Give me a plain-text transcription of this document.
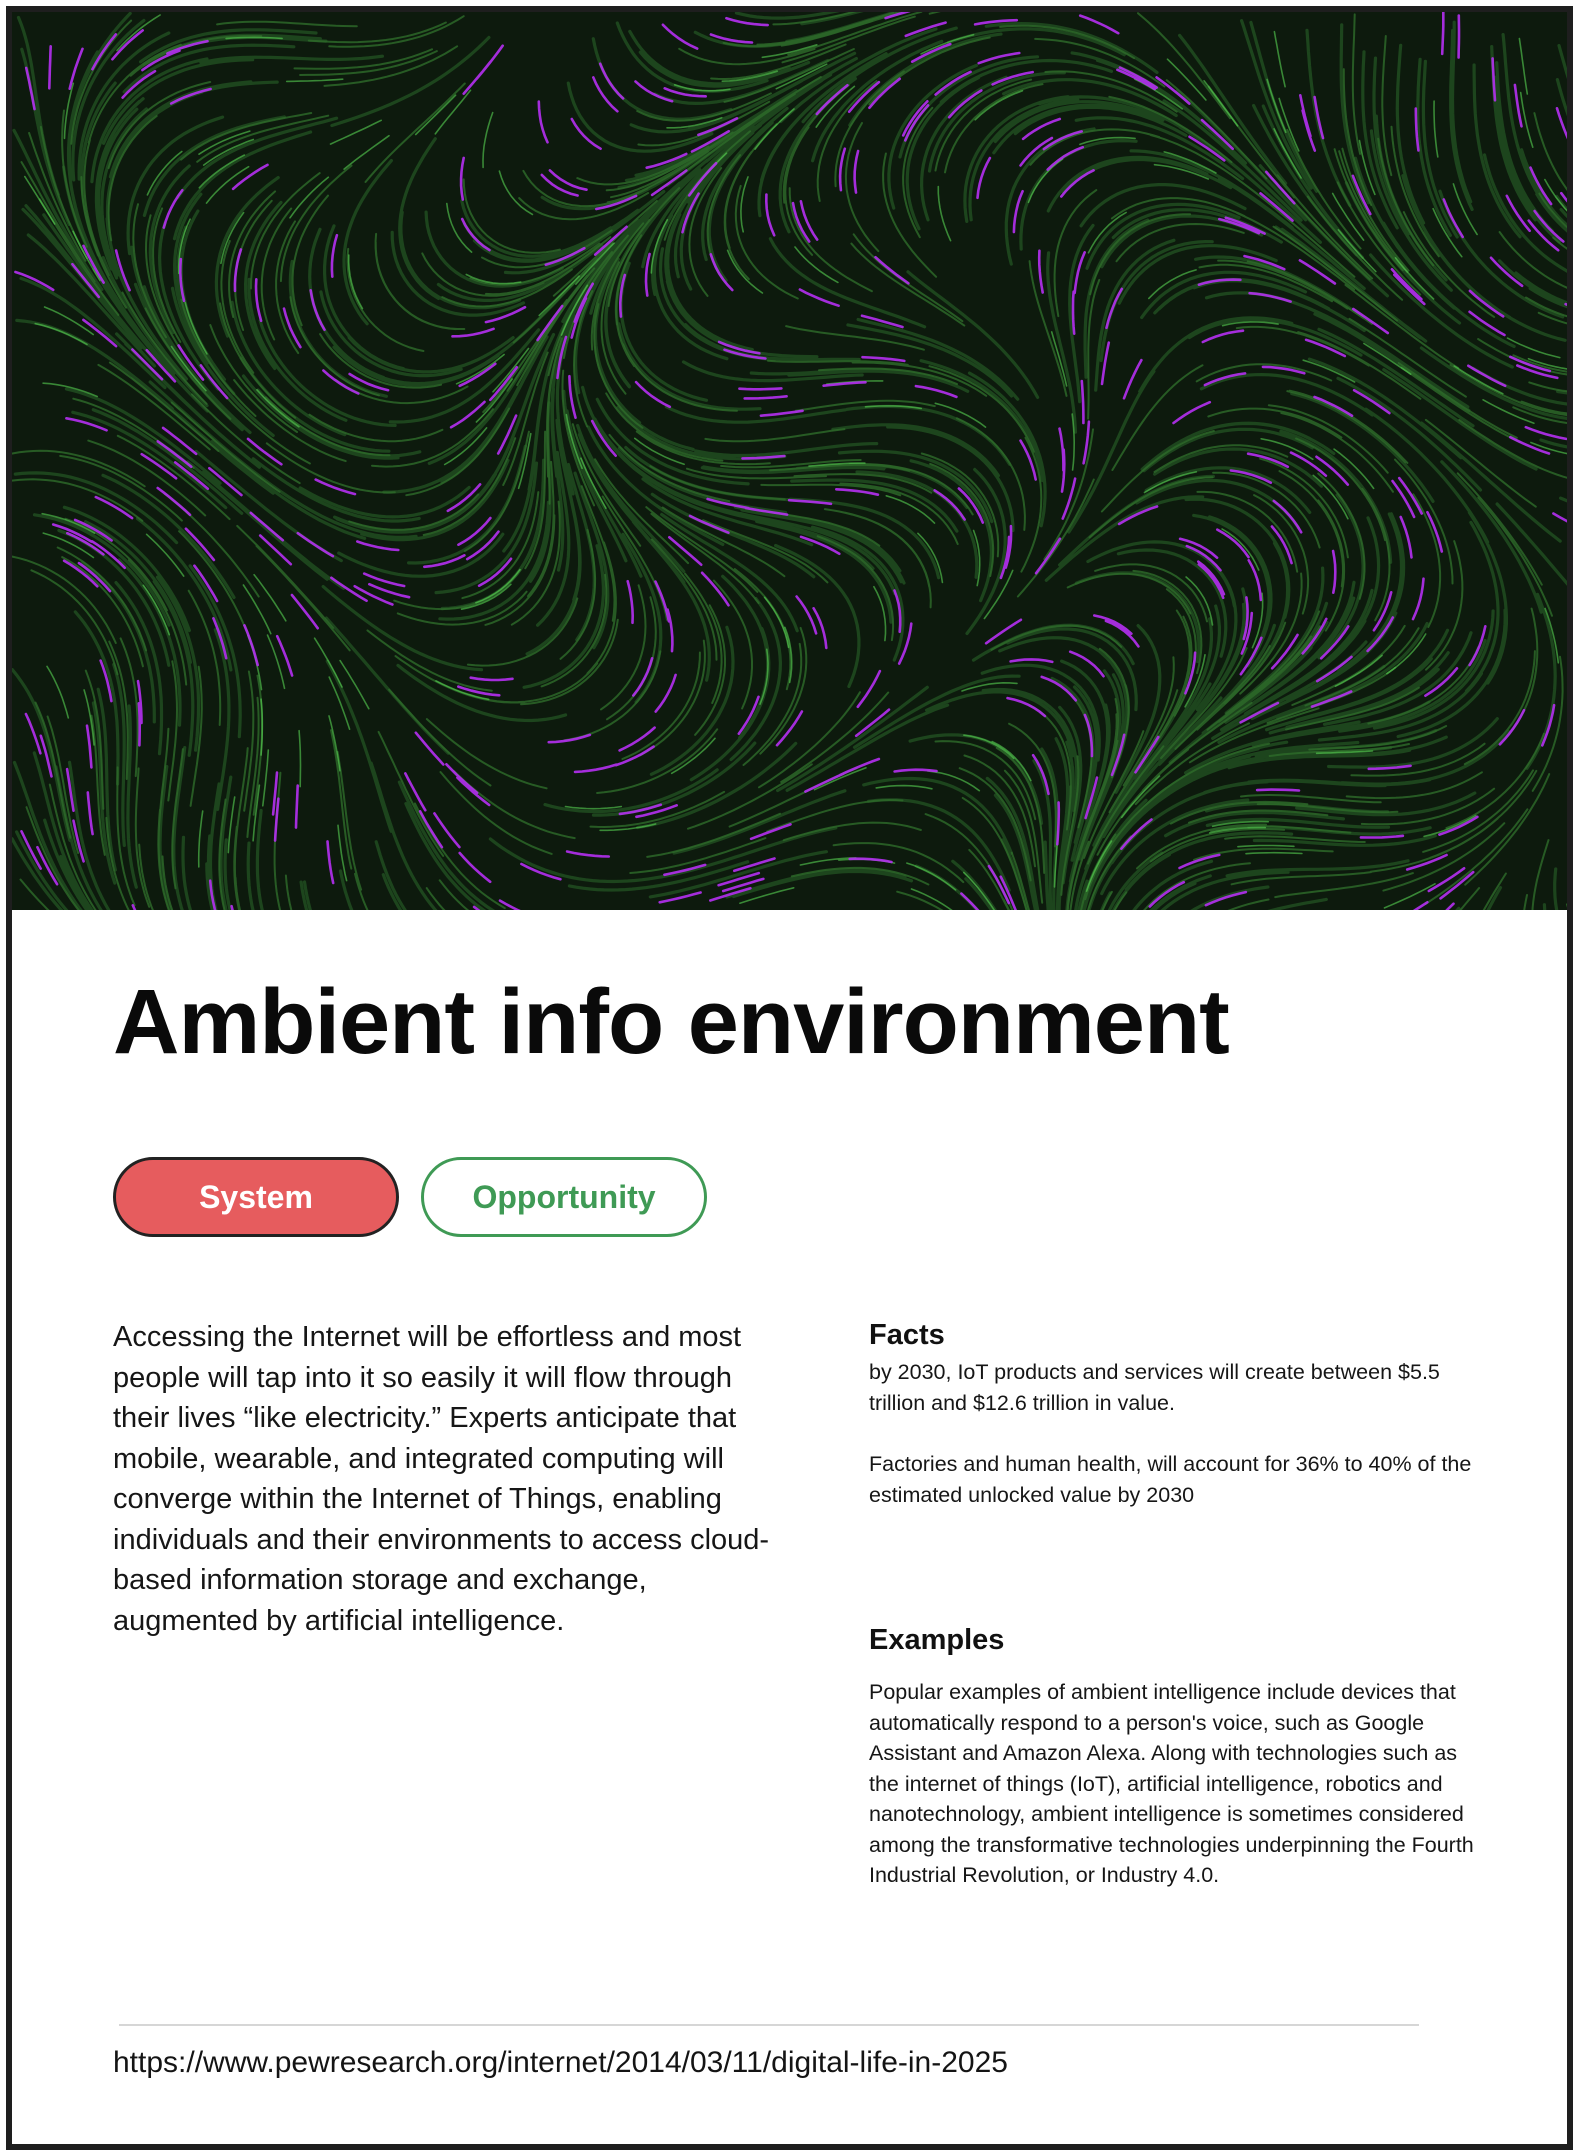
Ambient info environment
System	Opportunity

Accessing the Internet will be effortless and most people will tap into it so easily it will flow through their lives “like electricity.” Experts anticipate that mobile, wearable, and integrated computing will converge within the Internet of Things, enabling individuals and their environments to access cloud-based information storage and exchange, augmented by artificial intelligence.

Facts

by 2030, IoT products and services will create between $5.5 trillion and $12.6 trillion in value.

Factories and human health, will account for 36% to 40% of the estimated unlocked value by 2030

Examples

Popular examples of ambient intelligence include devices that automatically respond to a person's voice, such as Google Assistant and Amazon Alexa. Along with technologies such as the internet of things (IoT), artificial intelligence, robotics and nanotechnology, ambient intelligence is sometimes considered among the transformative technologies underpinning the Fourth Industrial Revolution, or Industry 4.0.

https://www.pewresearch.org/internet/2014/03/11/digital-life-in-2025
